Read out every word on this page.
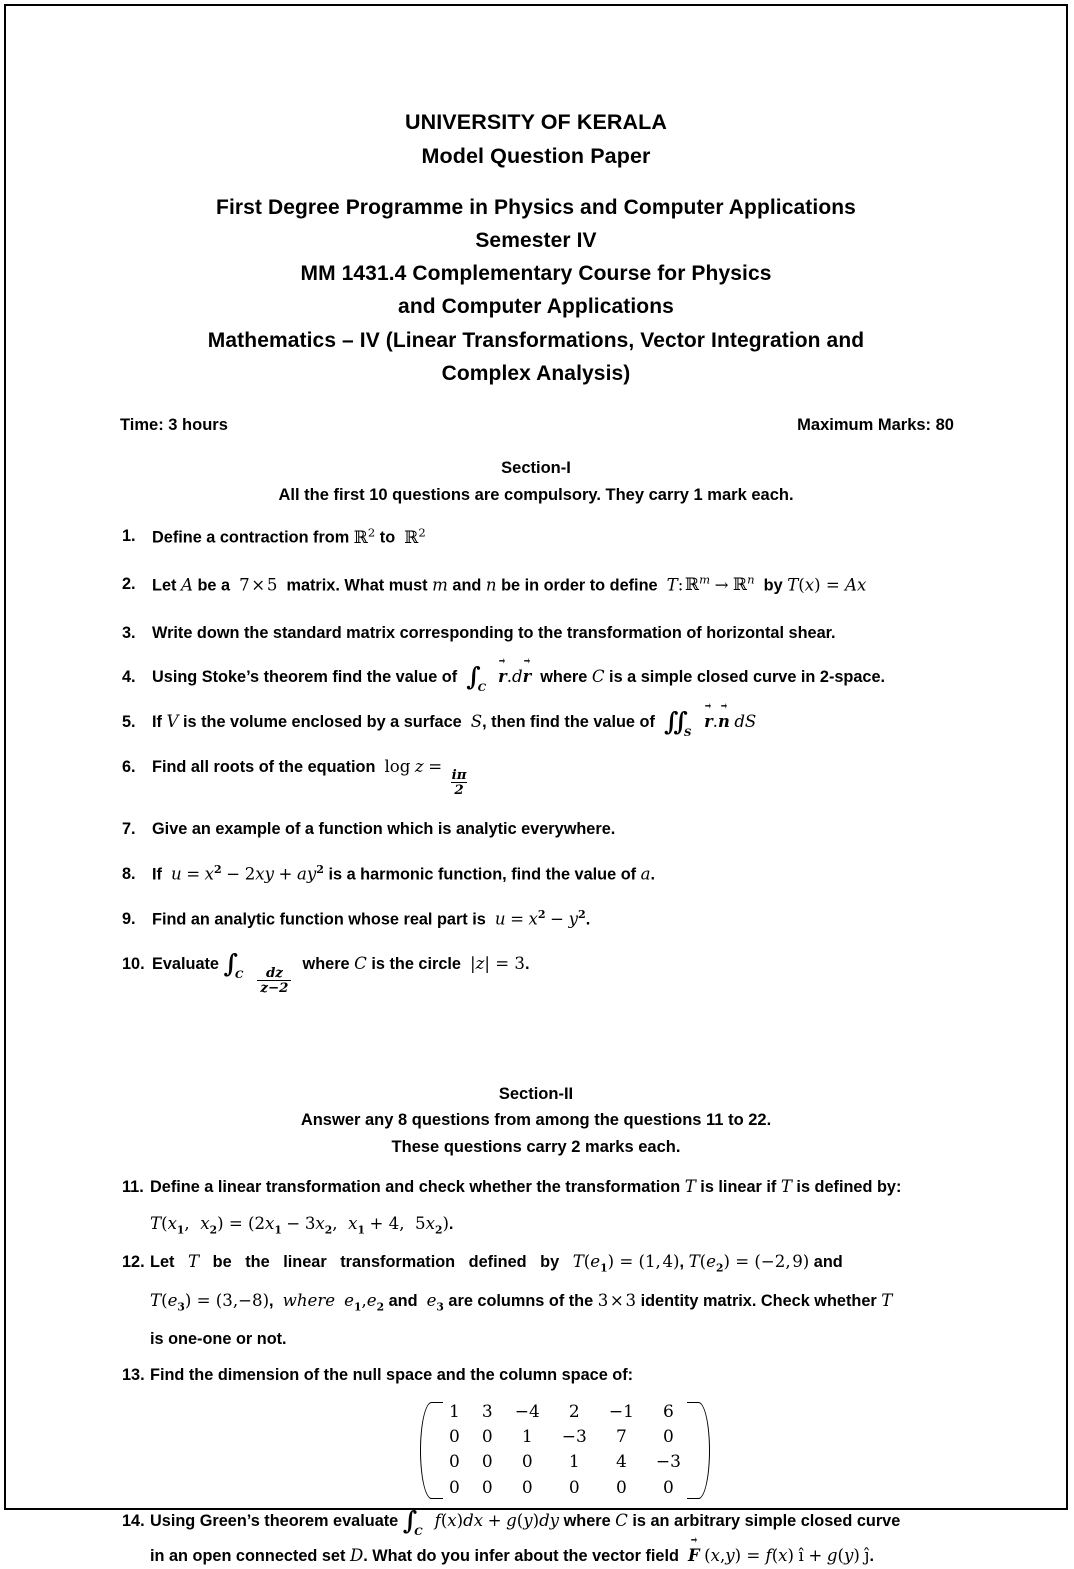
UNIVERSITY OF KERALA
Model Question Paper
First Degree Programme in Physics and Computer Applications
Semester IV
MM 1431.4 Complementary Course for Physics
and Computer Applications
Mathematics – IV (Linear Transformations, Vector Integration and
Complex Analysis)
Time: 3 hours	Maximum Marks: 80
Section-I
All the first 10 questions are compulsory. They carry 1 mark each.
1.	Define a contraction from ℝ$^2$ to  ℝ$^2$
2.	Let A be a  7 × 5  matrix. What must m and n be in order to define  T: ℝ$^m$ → ℝ$^n$  by T(x) = Ax
3.	Write down the standard matrix corresponding to the transformation of horizontal shear.
4.	Using Stoke’s theorem find the value of  $\int_C$  r →.dr →  where C is a simple closed curve in 2-space.
5.	If V is the volume enclosed by a surface  S, then find the value of  $\int\int_S$   r →.n → dS
6.	Find all roots of the equation  log z =
$\frac{i\pi}{2}$
7.	Give an example of a function which is analytic everywhere.
8.	If  $u = x^2 - 2xy + ay^2$ is a harmonic function, find the value of a.
9.	Find an analytic function whose real part is  $u = x^2 - y^2$.
10. Evaluate $\int_C \frac{dz}{z-2}$
where C is the circle  |z| = 3.
Section-II
Answer any 8 questions from among the questions 11 to 22.
These questions carry 2 marks each.
11. Define a linear transformation and check whether the transformation T is linear if T is defined by:
$T(x_1$,  $x_2) = (2x_1 - 3x_2$,  $x_1 + 4$,  $5x_2$).
12. Let   T   be   the   linear   transformation   defined   by   $T(e_1) = (1$, 4), $T(e_2) = (-2$, 9) and
$T(e_3) = (3,-8)$,  where $e_1,e_2$ and  $e_3$ are columns of the 3 × 3 identity matrix. Check whether T
is one-one or not.
13. Find the dimension of the null space and the column space of:
1	3	−4	2	−1	6
0	0	1	−3	7	0
0	0	0	1	4	−3
0	0	0	0	0	0
14. Using Green’s theorem evaluate $\int_C$  f(x)dx + g(y)dy where C is an arbitrary simple closed curve
in an open connected set D. What do you infer about the vector field  F → (x,y) = f(x) î + g(y) ĵ.
